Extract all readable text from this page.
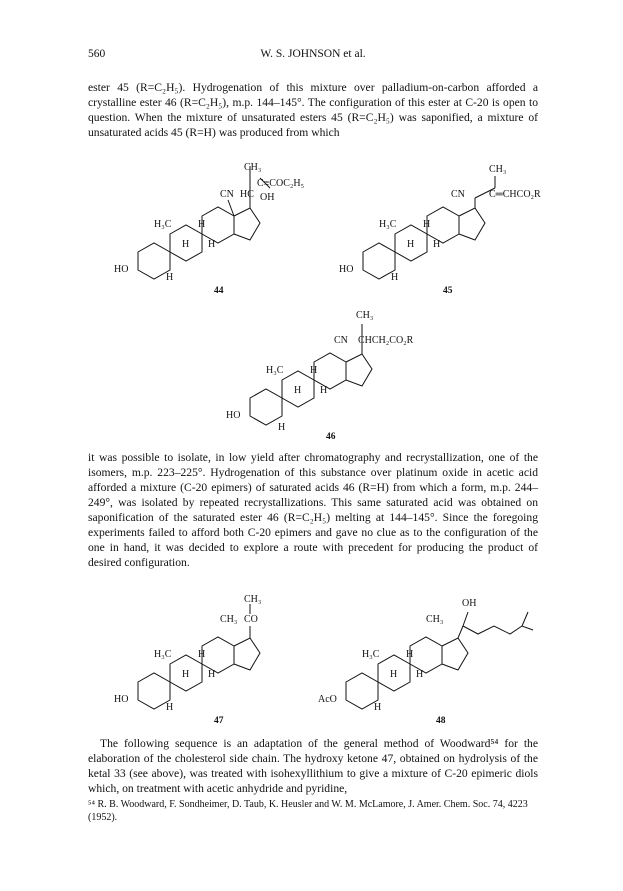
560	W. S. JOHNSON et al.
ester 45 (R=C₂H₅). Hydrogenation of this mixture over palladium-on-carbon afforded a crystalline ester 46 (R=C₂H₅), m.p. 144–145°. The configuration of this ester at C-20 is open to question. When the mixture of unsaturated esters 45 (R=C₂H₅) was saponified, a mixture of unsaturated acids 45 (R=H) was produced from which
CH₃
CN HC
C≡COC₂H₅
OH
H₃C	H
H H
H
HO
44
CH₃
CN C═CHCO₂R
H₃C	H
H H
H
HO
45
CH₃
CN CHCH₂CO₂R
H₃C	H
H H
H
HO
46
it was possible to isolate, in low yield after chromatography and recrystallization, one of the isomers, m.p. 223–225°. Hydrogenation of this substance over platinum oxide in acetic acid afforded a mixture (C-20 epimers) of saturated acids 46 (R=H) from which a form, m.p. 244–249°, was isolated by repeated recrystallizations. This same saturated acid was obtained on saponification of the saturated ester 46 (R=C₂H₅) melting at 144–145°. Since the foregoing experiments failed to afford both C-20 epimers and gave no clue as to the configuration of the one in hand, it was decided to explore a route with precedent for producing the product of desired configuration.
CH₃
CH₃ CO
H₃C	H
H H
H
HO
47
OH
CH₃
H₃C	H
H H
H
AcO
48
The following sequence is an adaptation of the general method of Woodward⁵⁴ for the elaboration of the cholesterol side chain. The hydroxy ketone 47, obtained on hydrolysis of the ketal 33 (see above), was treated with isohexyllithium to give a mixture of C-20 epimeric diols which, on treatment with acetic anhydride and pyridine,
⁵⁴ R. B. Woodward, F. Sondheimer, D. Taub, K. Heusler and W. M. McLamore, J. Amer. Chem. Soc. 74, 4223 (1952).
